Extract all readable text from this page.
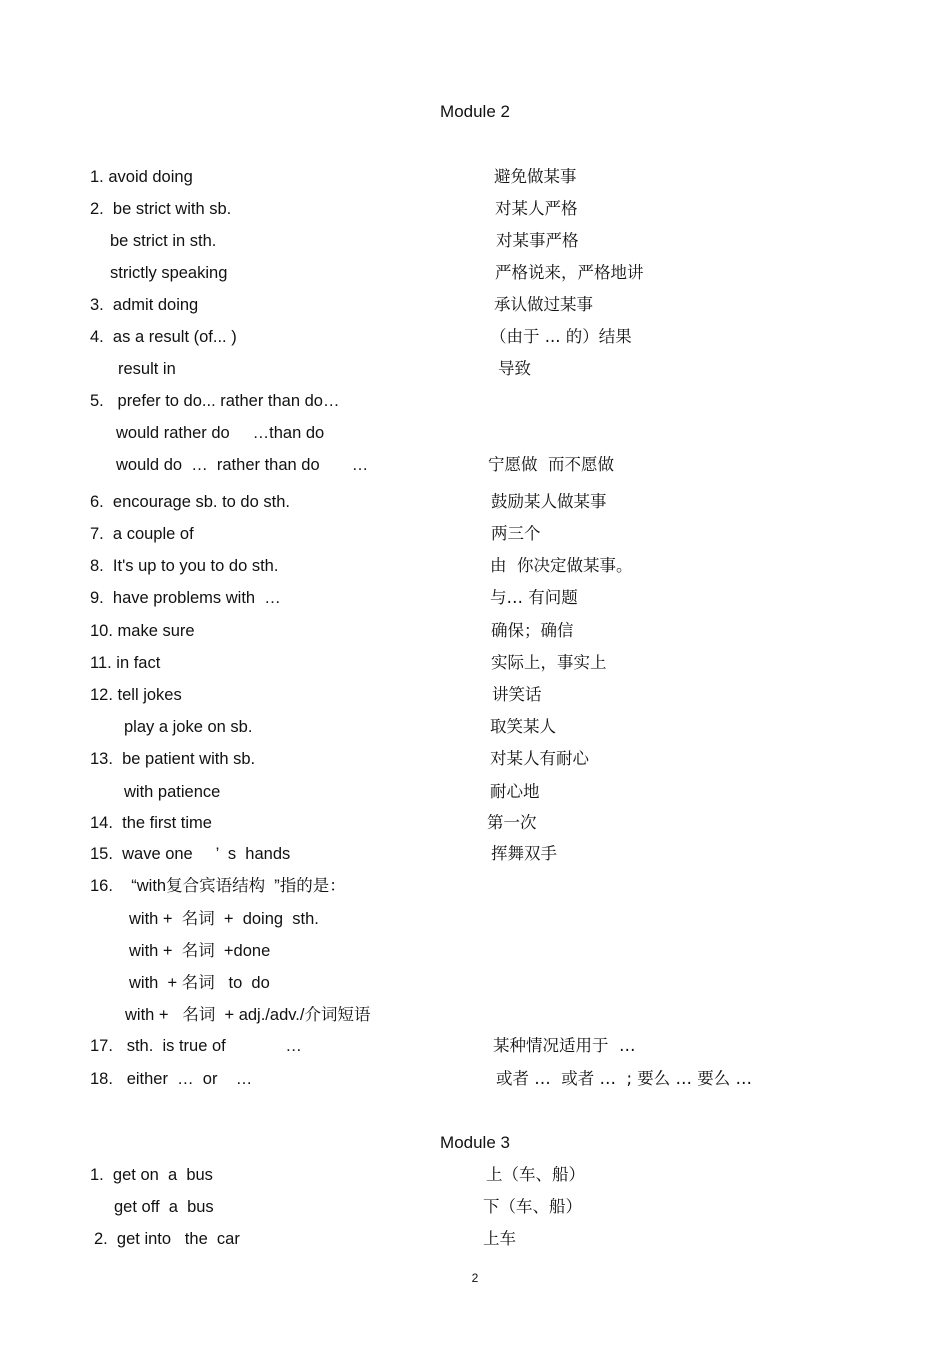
Module 2
1. avoid doing	避免做某事
2.  be strict with sb.	对某人严格
be strict in sth.	对某事严格
strictly speaking	严格说来，严格地讲
3.  admit doing	承认做过某事
4.  as a result (of... )	（由于 ... 的）结果
result in	导致
5.   prefer to do... rather than do…
would rather do     …than do
would do  …  rather than do       …	宁愿做  而不愿做
6.  encourage sb. to do sth.	鼓励某人做某事
7.  a couple of	两三个
8.  It's up to you to do sth.	由  你决定做某事。
9.  have problems with  …	与… 有问题
10. make sure	确保；确信
11. in fact	实际上，事实上
12. tell jokes	讲笑话
play a joke on sb.	取笑某人
13.  be patient with sb.	对某人有耐心
with patience	耐心地
14.  the first time	第一次
15.  wave one     ’  s  hands	挥舞双手
16.    “with复合宾语结构  ”指的是：
with +  名词  +  doing  sth.
with +  名词  +done
with  + 名词   to  do
with +   名词  + adj./adv./介词短语
17.   sth.  is true of             …	某种情况适用于  …
18.   either  …  or    …	或者 …  或者 …  ; 要么 … 要么 …
Module 3
1.  get on  a  bus	上（车、船）
get off  a  bus	下（车、船）
2.  get into   the  car	上车
2
